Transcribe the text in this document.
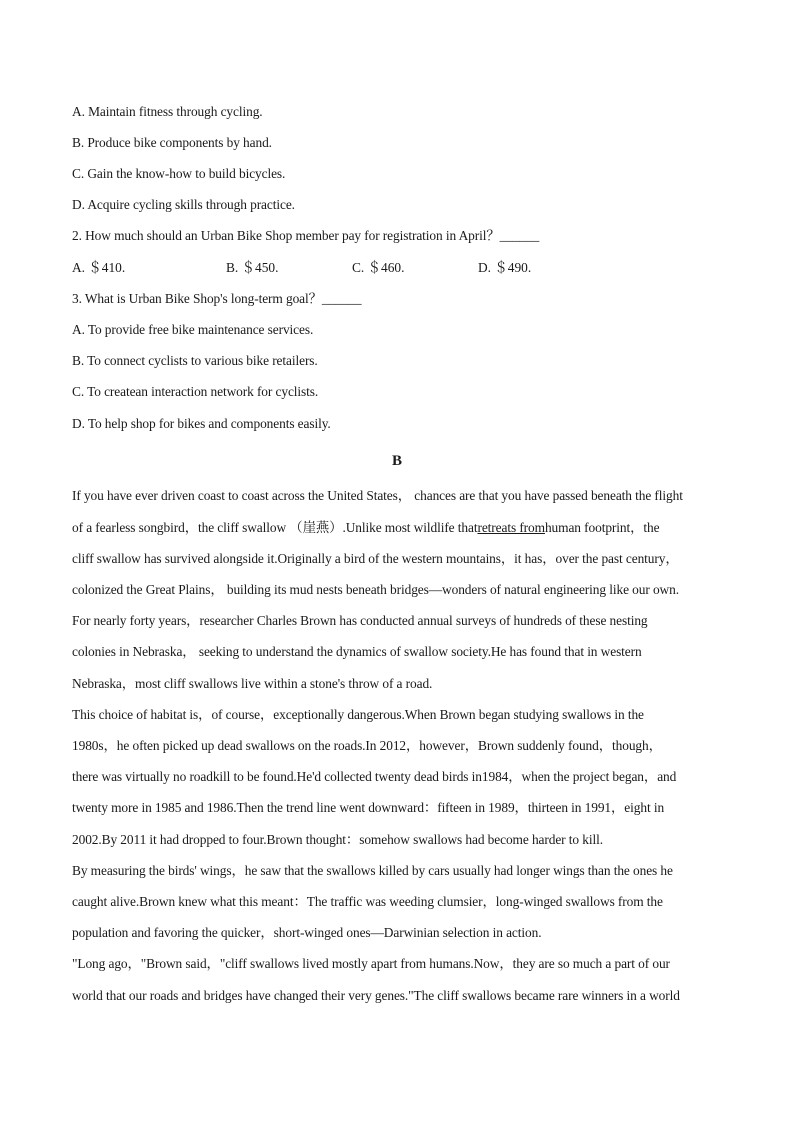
A. Maintain fitness through cycling.
B. Produce bike components by hand.
C. Gain the know-how to build bicycles.
D. Acquire cycling skills through practice.
2. How much should an Urban Bike Shop member pay for registration in April？______
A. ＄410.	B. ＄450.	C. ＄460.	D. ＄490.
3. What is Urban Bike Shop's long-term goal？______
A. To provide free bike maintenance services.
B. To connect cyclists to various bike retailers.
C. To createan interaction network for cyclists.
D. To help shop for bikes and components easily.
B
If you have ever driven coast to coast across the United States， chances are that you have passed beneath the flight
of a fearless songbird，the cliff swallow （崖燕）.Unlike most wildlife thatretreats fromhuman footprint，the
cliff swallow has survived alongside it.Originally a bird of the western mountains，it has，over the past century，
colonized the Great Plains， building its mud nests beneath bridges—wonders of natural engineering like our own.
For nearly forty years，researcher Charles Brown has conducted annual surveys of hundreds of these nesting
colonies in Nebraska， seeking to understand the dynamics of swallow society.He has found that in western
Nebraska，most cliff swallows live within a stone's throw of a road.
This choice of habitat is，of course，exceptionally dangerous.When Brown began studying swallows in the
1980s，he often picked up dead swallows on the roads.In 2012，however，Brown suddenly found，though，
there was virtually no roadkill to be found.He'd collected twenty dead birds in1984，when the project began，and
twenty more in 1985 and 1986.Then the trend line went downward：fifteen in 1989，thirteen in 1991，eight in
2002.By 2011 it had dropped to four.Brown thought：somehow swallows had become harder to kill.
By measuring the birds' wings，he saw that the swallows killed by cars usually had longer wings than the ones he
caught alive.Brown knew what this meant：The traffic was weeding clumsier，long-winged swallows from the
population and favoring the quicker，short-winged ones—Darwinian selection in action.
"Long ago，"Brown said，"cliff swallows lived mostly apart from humans.Now，they are so much a part of our
world that our roads and bridges have changed their very genes."The cliff swallows became rare winners in a world
